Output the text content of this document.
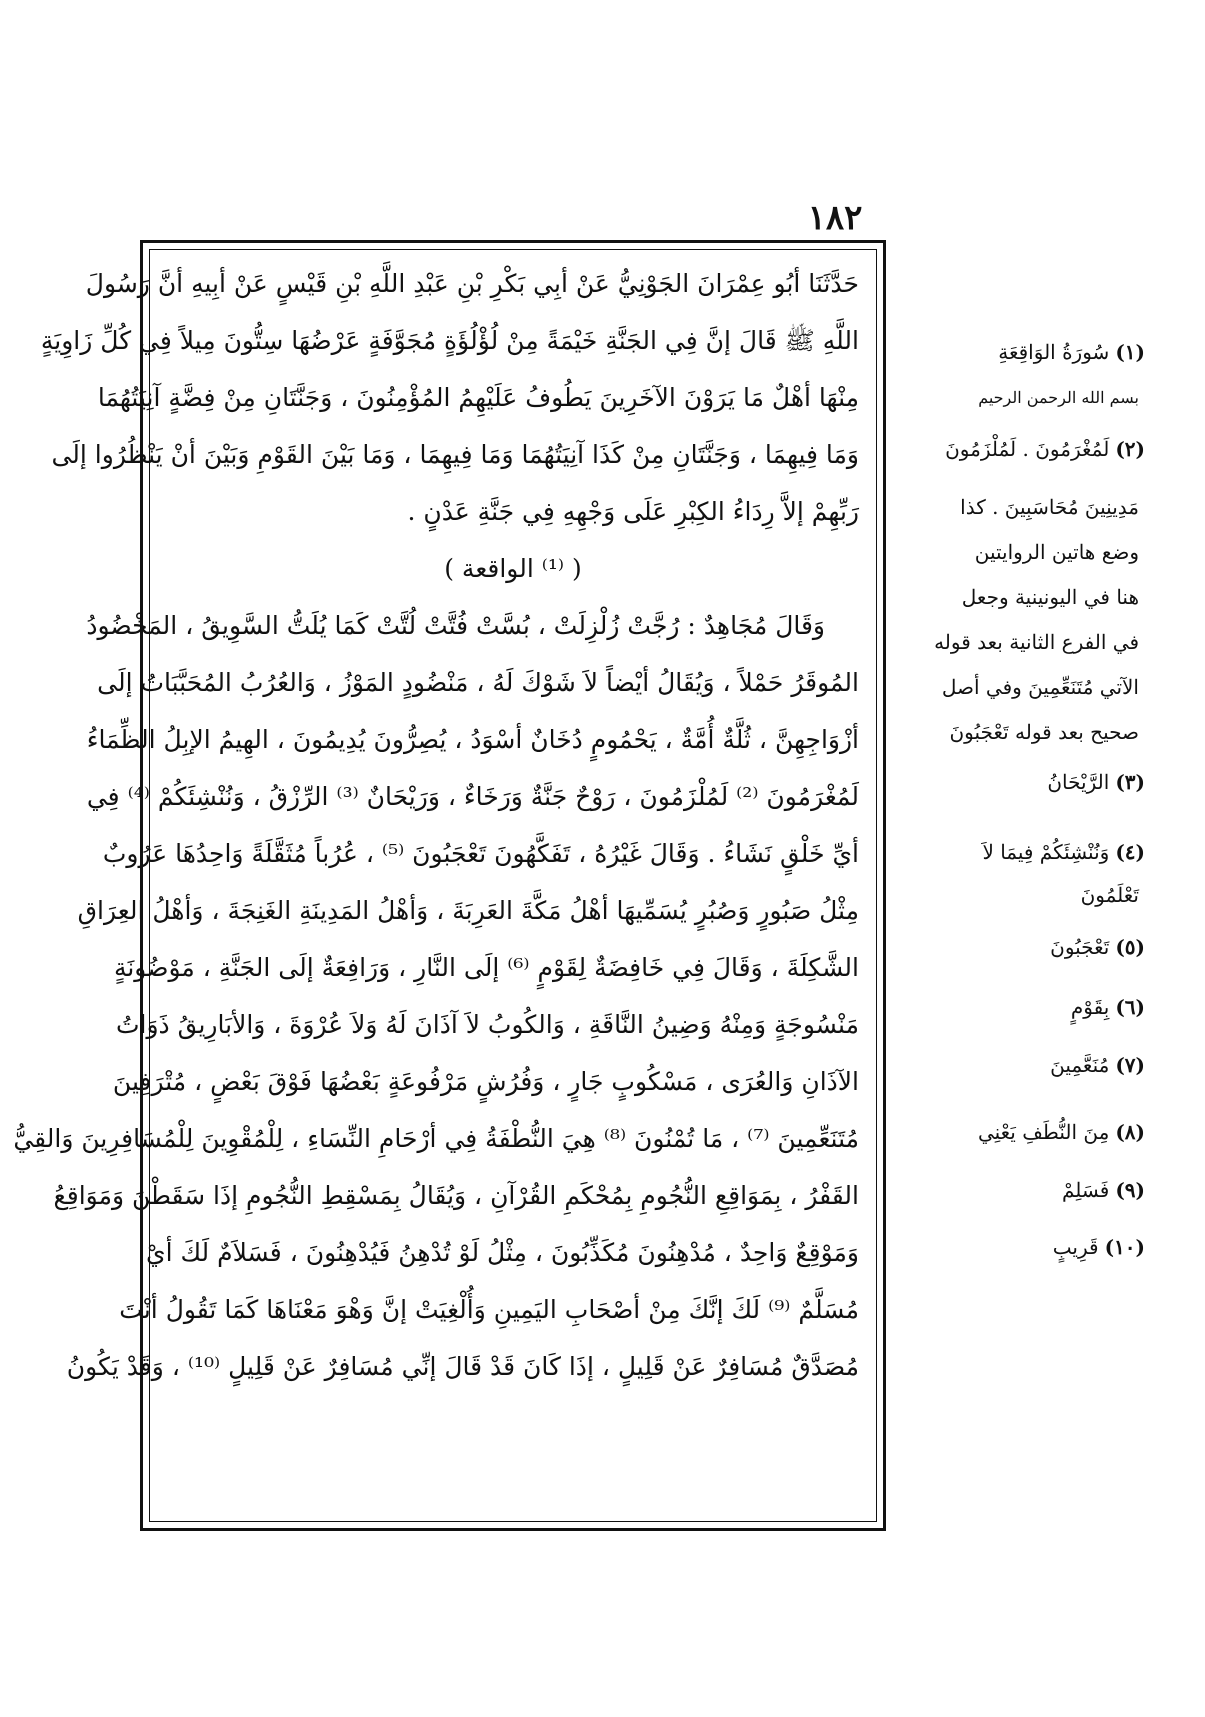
١٨٢
حَدَّثَنَا أبُو عِمْرَانَ الجَوْنِيُّ عَنْ أبِي بَكْرِ بْنِ عَبْدِ اللَّهِ بْنِ قَيْسٍ عَنْ أبِيهِ أنَّ رَسُولَ
اللَّهِ ﷺ قَالَ إنَّ فِي الجَنَّةِ خَيْمَةً مِنْ لُؤْلُؤَةٍ مُجَوَّفَةٍ عَرْضُهَا سِتُّونَ مِيلاً فِي كُلِّ زَاوِيَةٍ
مِنْهَا أهْلٌ مَا يَرَوْنَ الآخَرِينَ يَطُوفُ عَلَيْهِمُ المُؤْمِنُونَ ، وَجَنَّتَانِ مِنْ فِضَّةٍ آنِيَتُهُمَا
وَمَا فِيهِمَا ، وَجَنَّتَانِ مِنْ كَذَا آنِيَتُهُمَا وَمَا فِيهِمَا ، وَمَا بَيْنَ القَوْمِ وَبَيْنَ أنْ يَنْظُرُوا إلَى
رَبِّهِمْ إلاَّ رِدَاءُ الكِبْرِ عَلَى وَجْهِهِ فِي جَنَّةِ عَدْنٍ .
( ⁽¹⁾ الواقعة )
وَقَالَ مُجَاهِدٌ : رُجَّتْ زُلْزِلَتْ ، بُسَّتْ فُتَّتْ لُتَّتْ كَمَا يُلَتُّ السَّوِيقُ ، المَخْضُودُ
المُوقَرُ حَمْلاً ، وَيُقَالُ أيْضاً لاَ شَوْكَ لَهُ ، مَنْضُودٍ المَوْزُ ، وَالعُرُبُ المُحَبَّبَاتُ إلَى
أزْوَاجِهِنَّ ، ثُلَّةٌ أُمَّةٌ ، يَحْمُومٍ دُخَانٌ أسْوَدُ ، يُصِرُّونَ يُدِيمُونَ ، الهِيمُ الإبِلُ الظِّمَاءُ
لَمُغْرَمُونَ ⁽²⁾ لَمُلْزَمُونَ ، رَوْحٌ جَنَّةٌ وَرَخَاءٌ ، وَرَيْحَانٌ ⁽³⁾ الرِّزْقُ ، وَنُنْشِئَكُمْ ⁽⁴⁾ فِي
أيِّ خَلْقٍ نَشَاءُ . وَقَالَ غَيْرُهُ ، تَفَكَّهُونَ تَعْجَبُونَ ⁽⁵⁾ ، عُرُباً مُثَقَّلَةً وَاحِدُهَا عَرُوبٌ
مِثْلُ صَبُورٍ وَصُبُرٍ يُسَمِّيهَا أهْلُ مَكَّةَ العَرِبَةَ ، وَأهْلُ المَدِينَةِ الغَنِجَةَ ، وَأهْلُ العِرَاقِ
الشَّكِلَةَ ، وَقَالَ فِي خَافِضَةٌ لِقَوْمٍ ⁽⁶⁾ إلَى النَّارِ ، وَرَافِعَةٌ إلَى الجَنَّةِ ، مَوْضُونَةٍ
مَنْسُوجَةٍ وَمِنْهُ وَضِينُ النَّاقَةِ ، وَالكُوبُ لاَ آذَانَ لَهُ وَلاَ عُرْوَةَ ، وَالأبَارِيقُ ذَوَاتُ
الآذَانِ وَالعُرَى ، مَسْكُوبٍ جَارٍ ، وَفُرُشٍ مَرْفُوعَةٍ بَعْضُهَا فَوْقَ بَعْضٍ ، مُتْرَفِينَ
مُتَنَعِّمِينَ ⁽⁷⁾ ، مَا تُمْنُونَ ⁽⁸⁾ هِيَ النُّطْفَةُ فِي أرْحَامِ النِّسَاءِ ، لِلْمُقْوِينَ لِلْمُسَافِرِينَ وَالقِيُّ
القَفْرُ ، بِمَوَاقِعِ النُّجُومِ بِمُحْكَمِ القُرْآنِ ، وَيُقَالُ بِمَسْقِطِ النُّجُومِ إذَا سَقَطْنَ وَمَوَاقِعُ
وَمَوْقِعٌ وَاحِدٌ ، مُدْهِنُونَ مُكَذِّبُونَ ، مِثْلُ لَوْ تُدْهِنُ فَيُدْهِنُونَ ، فَسَلاَمٌ لَكَ أيْ
مُسَلَّمٌ ⁽⁹⁾ لَكَ إنَّكَ مِنْ أصْحَابِ اليَمِينِ وَأُلْغِيَتْ إنَّ وَهْوَ مَعْنَاهَا كَمَا تَقُولُ أنْتَ
مُصَدَّقٌ مُسَافِرٌ عَنْ قَلِيلٍ ، إذَا كَانَ قَدْ قَالَ إنِّي مُسَافِرٌ عَنْ قَلِيلٍ ⁽¹⁰⁾ ، وَقَدْ يَكُونُ
(١)سُورَةُ الوَاقِعَةِ
بسم الله الرحمن الرحيم
(٢)لَمُغْرَمُونَ . لَمُلْزَمُونَ
مَدِينِينَ مُحَاسَبِينَ . كذا
وضع هاتين الروايتين
هنا في اليونينية وجعل
في الفرع الثانية بعد قوله
الآتي مُتَنَعِّمِينَ وفي أصل
صحيح بعد قوله تَعْجَبُونَ
(٣)الرَّيْحَانُ
(٤)وَنُنْشِئَكُمْ فِيمَا لاَ
تَعْلَمُونَ
(٥)تَعْجَبُونَ
(٦)بِقَوْمٍ
(٧)مُنَعَّمِينَ
(٨)مِنَ النُّطَفِ يَعْنِي
(٩)فَسَلِمْ
(١٠)قَرِيبٍ
